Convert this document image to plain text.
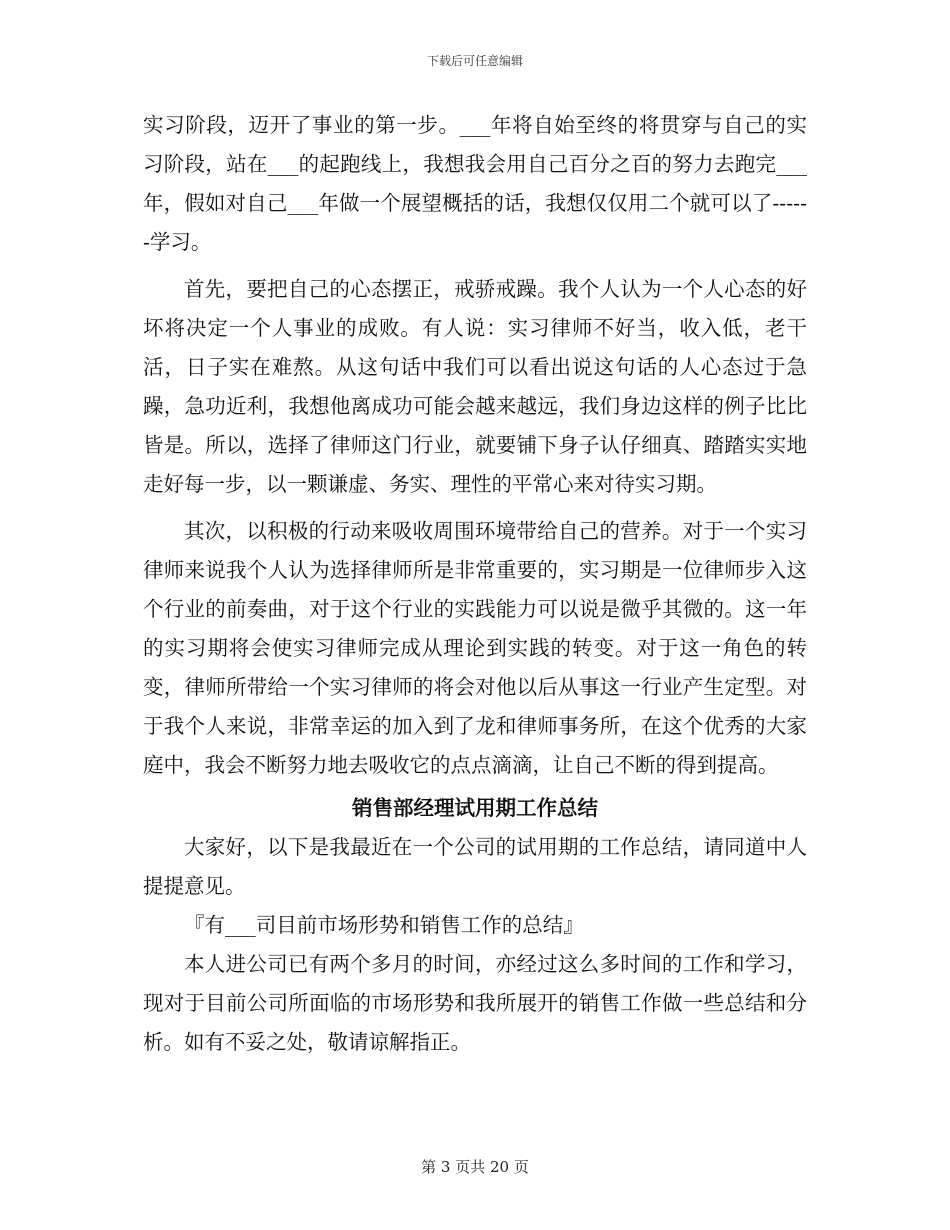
下载后可任意编辑

实习阶段，迈开了事业的第一步。___年将自始至终的将贯穿与自己的实习阶段，站在___的起跑线上，我想我会用自己百分之百的努力去跑完___年，假如对自己___年做一个展望概括的话，我想仅仅用二个就可以了------学习。

首先，要把自己的心态摆正，戒骄戒躁。我个人认为一个人心态的好坏将决定一个人事业的成败。有人说：实习律师不好当，收入低，老干活，日子实在难熬。从这句话中我们可以看出说这句话的人心态过于急躁，急功近利，我想他离成功可能会越来越远，我们身边这样的例子比比皆是。所以，选择了律师这门行业，就要铺下身子认仔细真、踏踏实实地走好每一步，以一颗谦虚、务实、理性的平常心来对待实习期。

其次，以积极的行动来吸收周围环境带给自己的营养。对于一个实习律师来说我个人认为选择律师所是非常重要的，实习期是一位律师步入这个行业的前奏曲，对于这个行业的实践能力可以说是微乎其微的。这一年的实习期将会使实习律师完成从理论到实践的转变。对于这一角色的转变，律师所带给一个实习律师的将会对他以后从事这一行业产生定型。对于我个人来说，非常幸运的加入到了龙和律师事务所，在这个优秀的大家庭中，我会不断努力地去吸收它的点点滴滴，让自己不断的得到提高。

销售部经理试用期工作总结

大家好，以下是我最近在一个公司的试用期的工作总结，请同道中人提提意见。

『有___司目前市场形势和销售工作的总结』

本人进公司已有两个多月的时间，亦经过这么多时间的工作和学习，现对于目前公司所面临的市场形势和我所展开的销售工作做一些总结和分析。如有不妥之处，敬请谅解指正。

第 3 页共 20 页
